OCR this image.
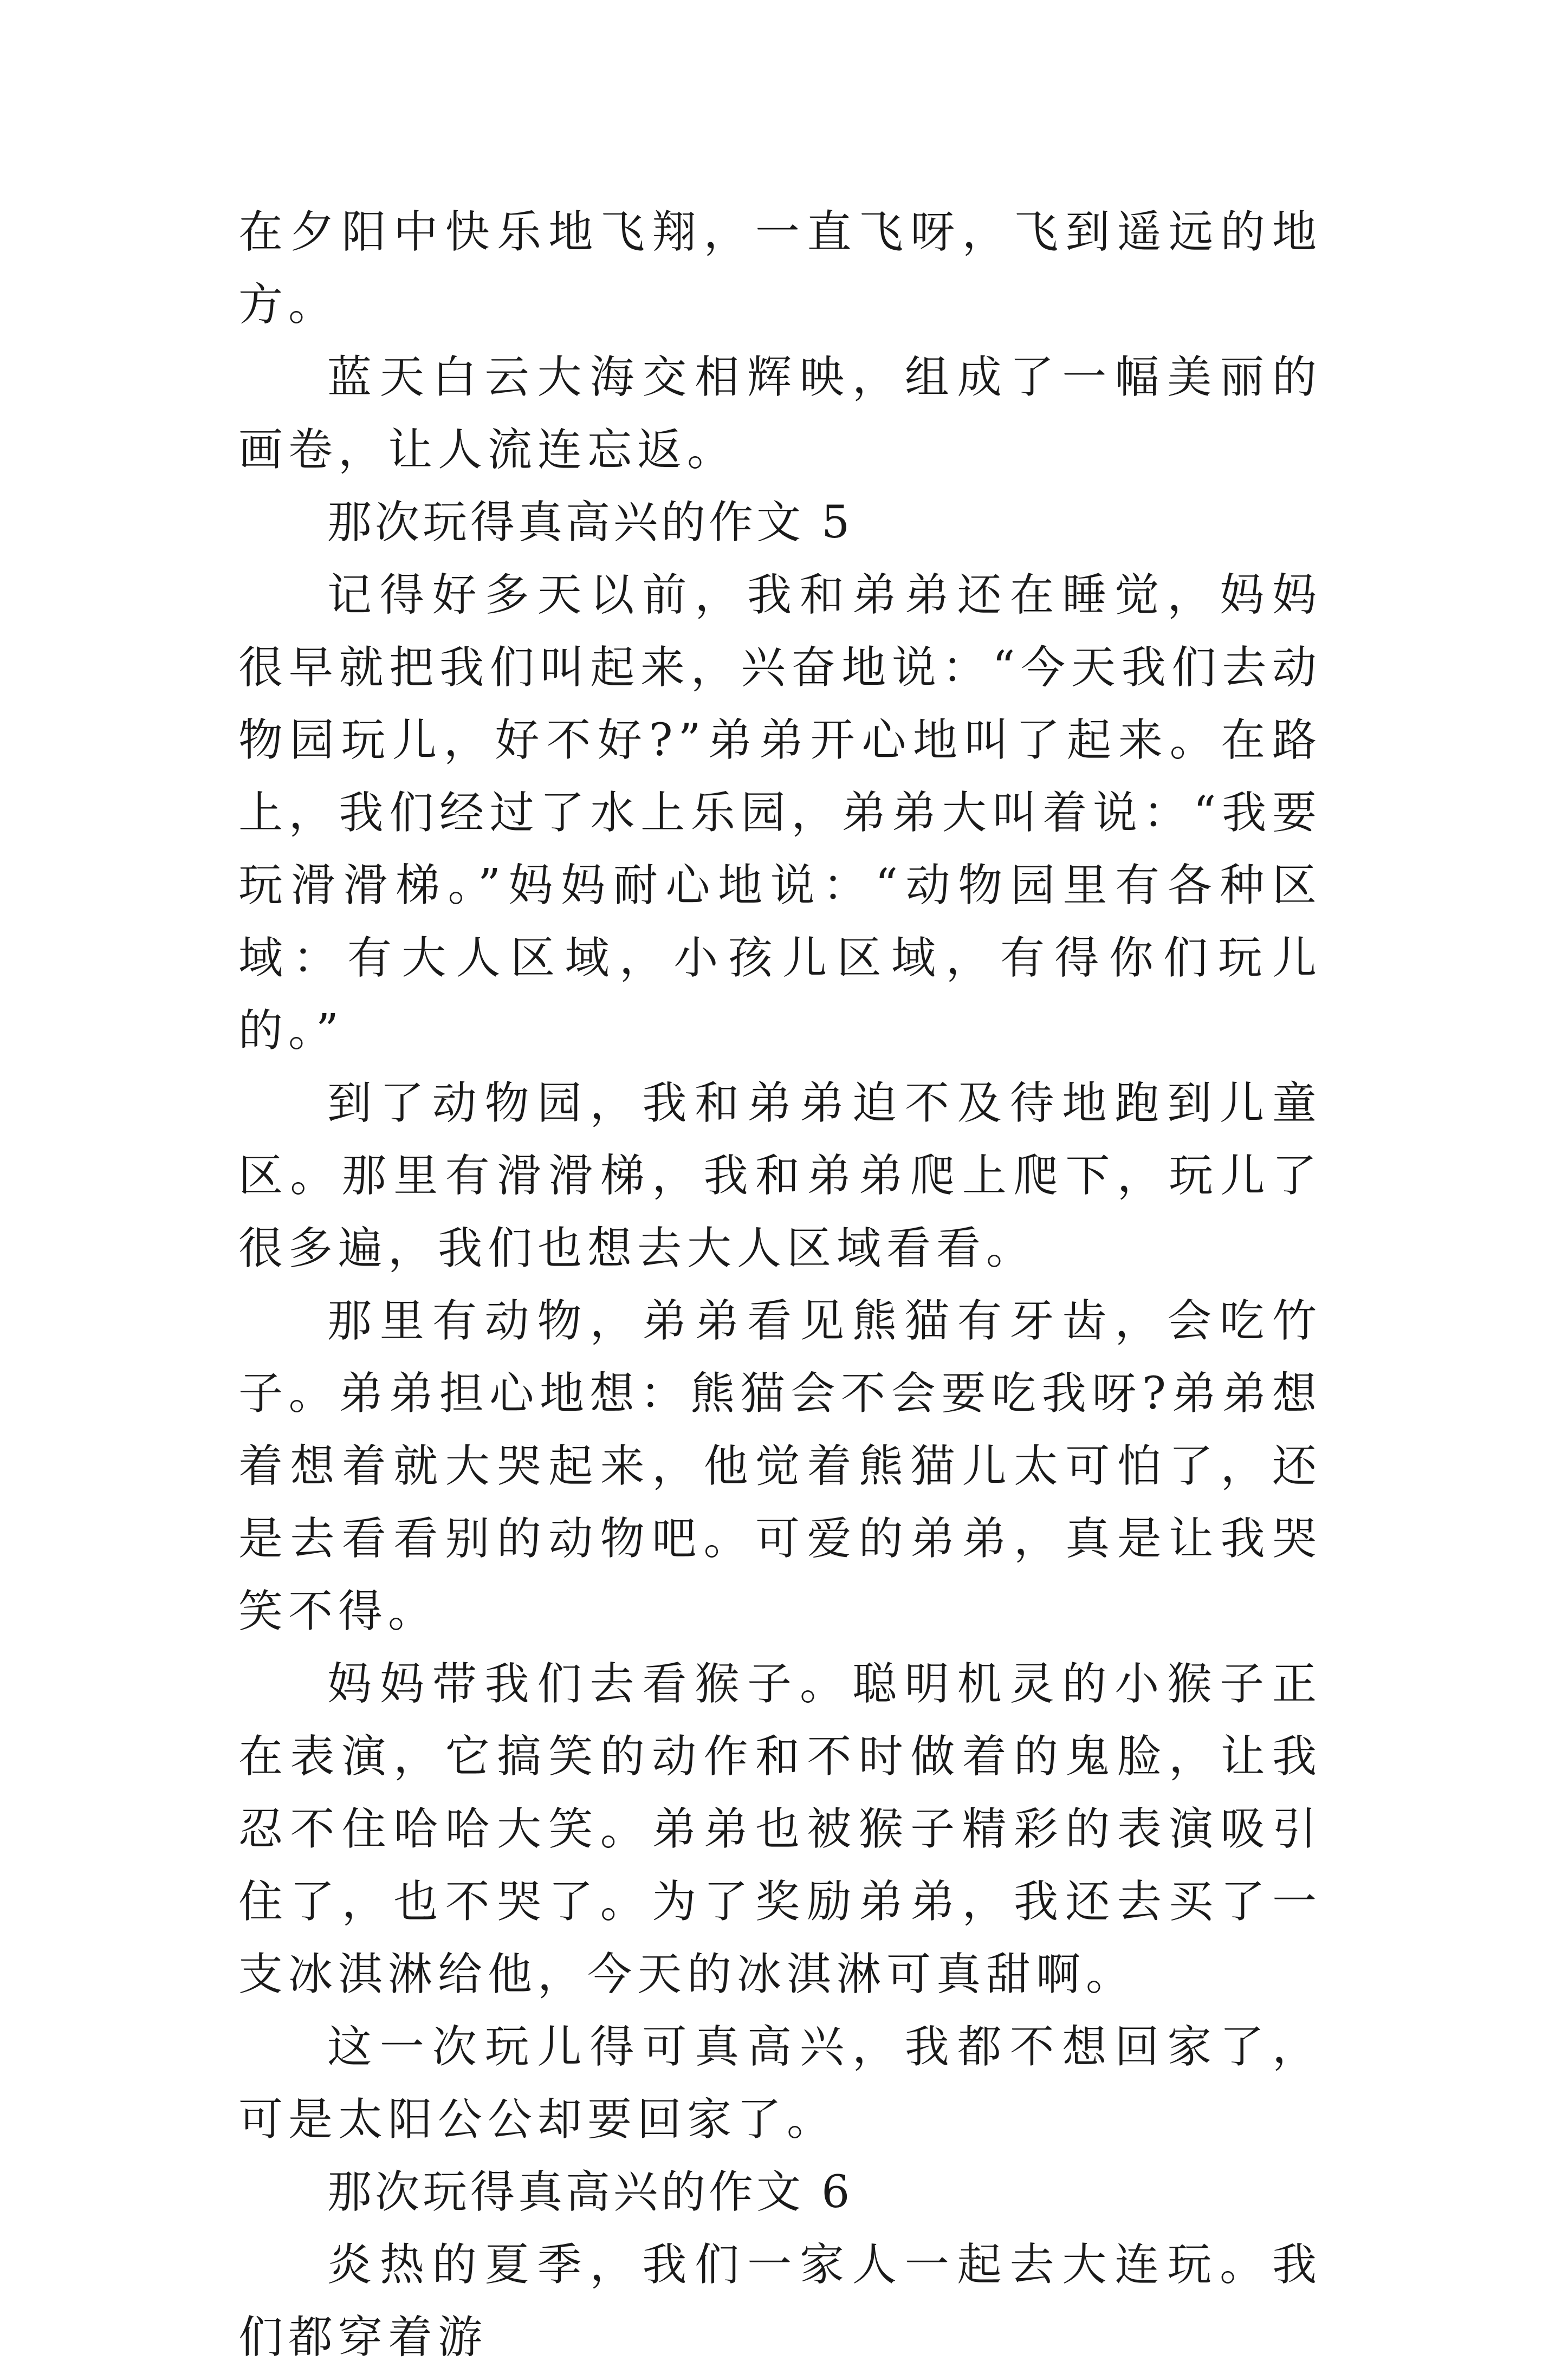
在夕阳中快乐地飞翔，一直飞呀，飞到遥远的地方。

蓝天白云大海交相辉映，组成了一幅美丽的画卷，让人流连忘返。

那次玩得真高兴的作文 5

记得好多天以前，我和弟弟还在睡觉，妈妈很早就把我们叫起来，兴奋地说：“今天我们去动物园玩儿，好不好?”弟弟开心地叫了起来。在路上，我们经过了水上乐园，弟弟大叫着说：“我要玩滑滑梯。”妈妈耐心地说：“动物园里有各种区域：有大人区域，小孩儿区域，有得你们玩儿的。”

到了动物园，我和弟弟迫不及待地跑到儿童区。那里有滑滑梯，我和弟弟爬上爬下，玩儿了很多遍，我们也想去大人区域看看。

那里有动物，弟弟看见熊猫有牙齿，会吃竹子。弟弟担心地想：熊猫会不会要吃我呀?弟弟想着想着就大哭起来，他觉着熊猫儿太可怕了，还是去看看别的动物吧。可爱的弟弟，真是让我哭笑不得。

妈妈带我们去看猴子。聪明机灵的小猴子正在表演，它搞笑的动作和不时做着的鬼脸，让我忍不住哈哈大笑。弟弟也被猴子精彩的表演吸引住了，也不哭了。为了奖励弟弟，我还去买了一支冰淇淋给他，今天的冰淇淋可真甜啊。

这一次玩儿得可真高兴，我都不想回家了，可是太阳公公却要回家了。

那次玩得真高兴的作文 6

炎热的夏季，我们一家人一起去大连玩。我们都穿着游
